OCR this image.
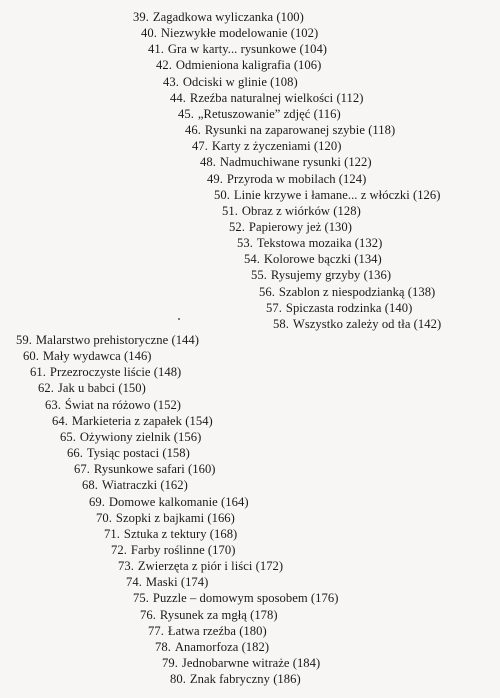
39. Zagadkowa wyliczanka (100)
40. Niezwykłe modelowanie (102)
41. Gra w karty... rysunkowe (104)
42. Odmieniona kaligrafia (106)
43. Odciski w glinie (108)
44. Rzeźba naturalnej wielkości (112)
45. „Retuszowanie” zdjęć (116)
46. Rysunki na zaparowanej szybie (118)
47. Karty z życzeniami (120)
48. Nadmuchiwane rysunki (122)
49. Przyroda w mobilach (124)
50. Linie krzywe i łamane... z włóczki (126)
51. Obraz z wiórków (128)
52. Papierowy jeż (130)
53. Tekstowa mozaika (132)
54. Kolorowe bączki (134)
55. Rysujemy grzyby (136)
56. Szablon z niespodzianką (138)
57. Spiczasta rodzinka (140)
58. Wszystko zależy od tła (142)
59. Malarstwo prehistoryczne (144)
60. Mały wydawca (146)
61. Przezroczyste liście (148)
62. Jak u babci (150)
63. Świat na różowo (152)
64. Markieteria z zapałek (154)
65. Ożywiony zielnik (156)
66. Tysiąc postaci (158)
67. Rysunkowe safari (160)
68. Wiatraczki (162)
69. Domowe kalkomanie (164)
70. Szopki z bajkami (166)
71. Sztuka z tektury (168)
72. Farby roślinne (170)
73. Zwierzęta z piór i liści (172)
74. Maski (174)
75. Puzzle – domowym sposobem (176)
76. Rysunek za mgłą (178)
77. Łatwa rzeźba (180)
78. Anamorfoza (182)
79. Jednobarwne witraże (184)
80. Znak fabryczny (186)
